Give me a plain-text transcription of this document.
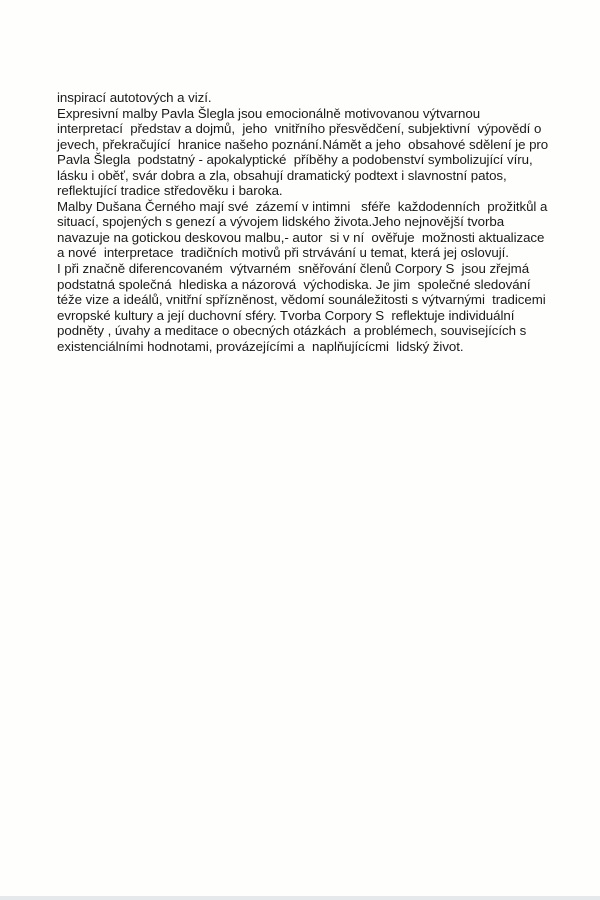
inspirací autotových a vizí.
Expresivní malby Pavla Šlegla jsou emocionálně motivovanou výtvarnou
interpretací  představ a dojmů,  jeho  vnitřního přesvědčení, subjektivní  výpovědí o
jevech, překračující  hranice našeho poznání.Námět a jeho  obsahové sdělení je pro
Pavla Šlegla  podstatný - apokalyptické  příběhy a podobenství symbolizující víru,
lásku i oběť, svár dobra a zla, obsahují dramatický podtext i slavnostní patos,
reflektující tradice středověku i baroka.
Malby Dušana Černého mají své  zázemí v intimni   sféře  každodenních  prožitkůl a
situací, spojených s genezí a vývojem lidského života.Jeho nejnovější tvorba
navazuje na gotickou deskovou malbu,- autor  si v ní  ověřuje  možnosti aktualizace
a nové  interpretace  tradičních motivů při strvávání u temat, která jej oslovují.
I při značně diferencovaném  výtvarném  sněřování členů Corpory S  jsou zřejmá
podstatná společná  hlediska a názorová  východiska. Je jim  společné sledování
téže vize a ideálů, vnitřní spřízněnost, vědomí sounáležitosti s výtvarnými  tradicemi
evropské kultury a její duchovní sféry. Tvorba Corpory S  reflektuje individuální
podněty , úvahy a meditace o obecných otázkách  a problémech, souvisejících s
existenciálními hodnotami, provázejícími a  naplňujícícmi  lidský život.
